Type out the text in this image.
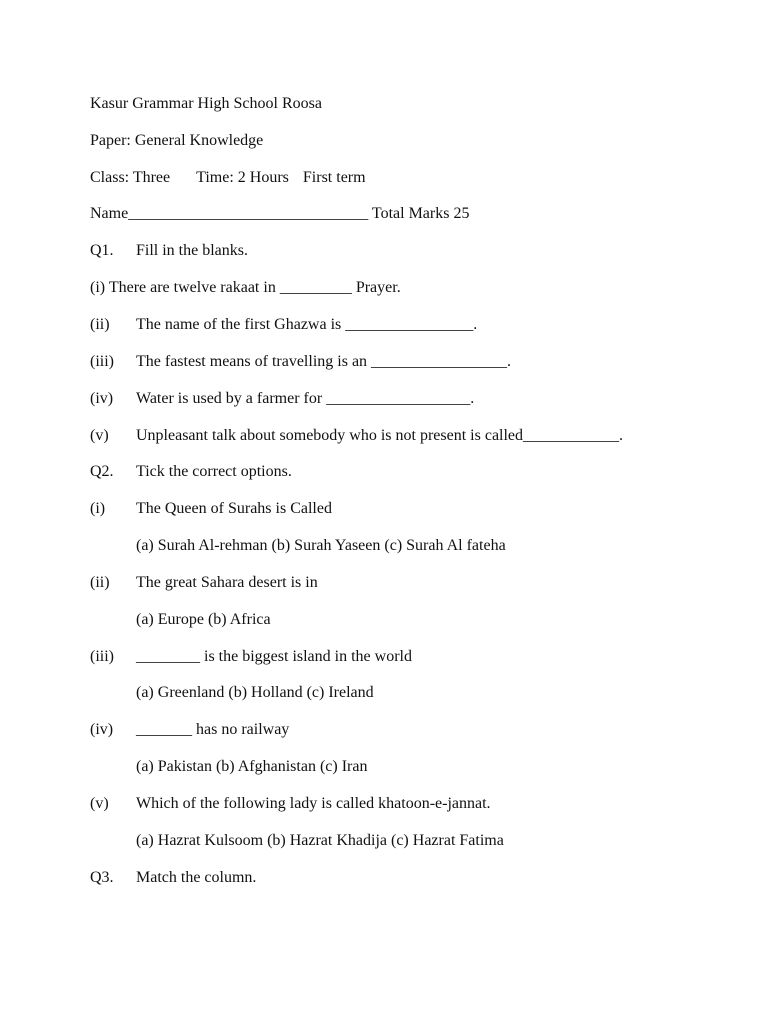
Kasur Grammar High School Roosa
Paper: General Knowledge
Class: Three Time: 2 Hours First term
Name______________________________ Total Marks 25
Q1. Fill in the blanks.
(i) There are twelve rakaat in _________ Prayer.
(ii) The name of the first Ghazwa is ________________.
(iii) The fastest means of travelling is an _________________.
(iv) Water is used by a farmer for __________________.
(v) Unpleasant talk about somebody who is not present is called____________.
Q2. Tick the correct options.
(i) The Queen of Surahs is Called
(a) Surah Al-rehman (b) Surah Yaseen (c) Surah Al fateha
(ii) The great Sahara desert is in
(a) Europe (b) Africa
(iii) ________ is the biggest island in the world
(a) Greenland (b) Holland (c) Ireland
(iv) _______ has no railway
(a) Pakistan (b) Afghanistan (c) Iran
(v) Which of the following lady is called khatoon-e-jannat.
(a) Hazrat Kulsoom (b) Hazrat Khadija (c) Hazrat Fatima
Q3. Match the column.
